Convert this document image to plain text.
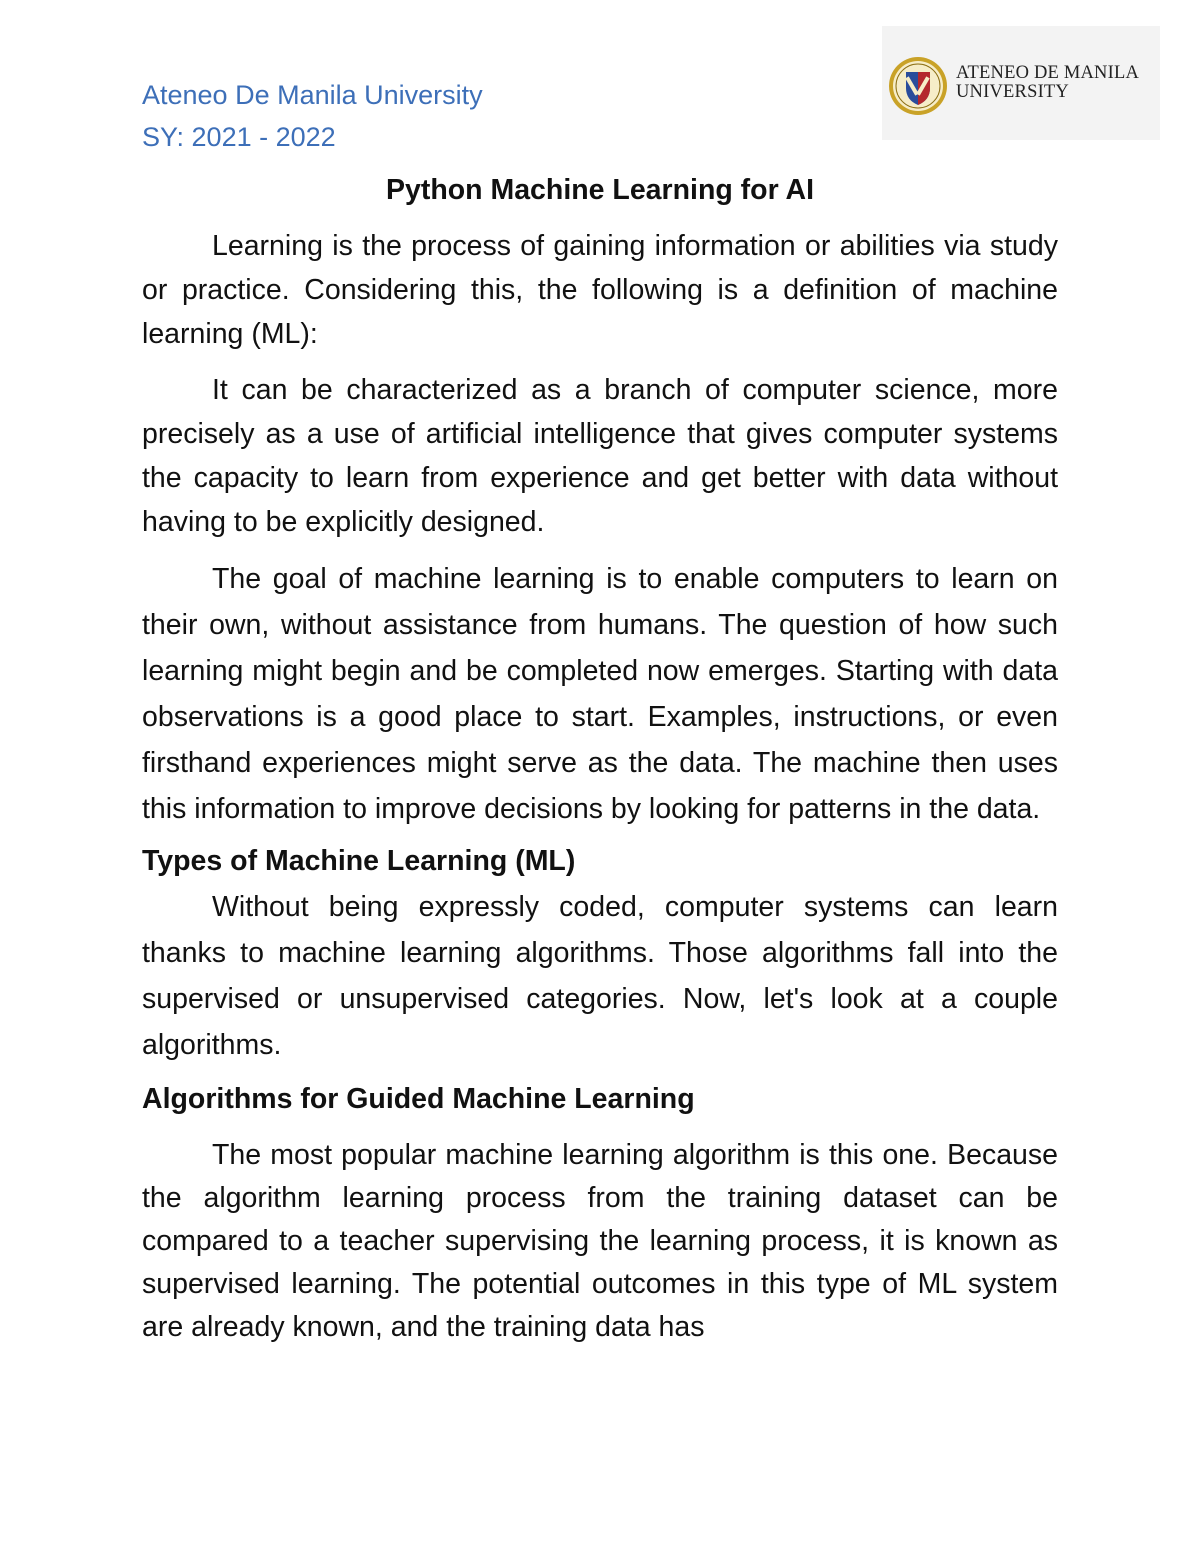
Ateneo De Manila University
SY: 2021 - 2022
ATENEO DE MANILA
UNIVERSITY
Python Machine Learning for AI

Learning is the process of gaining information or abilities via study or practice. Considering this, the following is a definition of machine learning (ML):

It can be characterized as a branch of computer science, more precisely as a use of artificial intelligence that gives computer systems the capacity to learn from experience and get better with data without having to be explicitly designed.

The goal of machine learning is to enable computers to learn on their own, without assistance from humans. The question of how such learning might begin and be completed now emerges. Starting with data observations is a good place to start. Examples, instructions, or even firsthand experiences might serve as the data. The machine then uses this information to improve decisions by looking for patterns in the data.

Types of Machine Learning (ML)

Without being expressly coded, computer systems can learn thanks to machine learning algorithms. Those algorithms fall into the supervised or unsupervised categories. Now, let's look at a couple algorithms.

Algorithms for Guided Machine Learning

The most popular machine learning algorithm is this one. Because the algorithm learning process from the training dataset can be compared to a teacher supervising the learning process, it is known as supervised learning. The potential outcomes in this type of ML system are already known, and the training data has
